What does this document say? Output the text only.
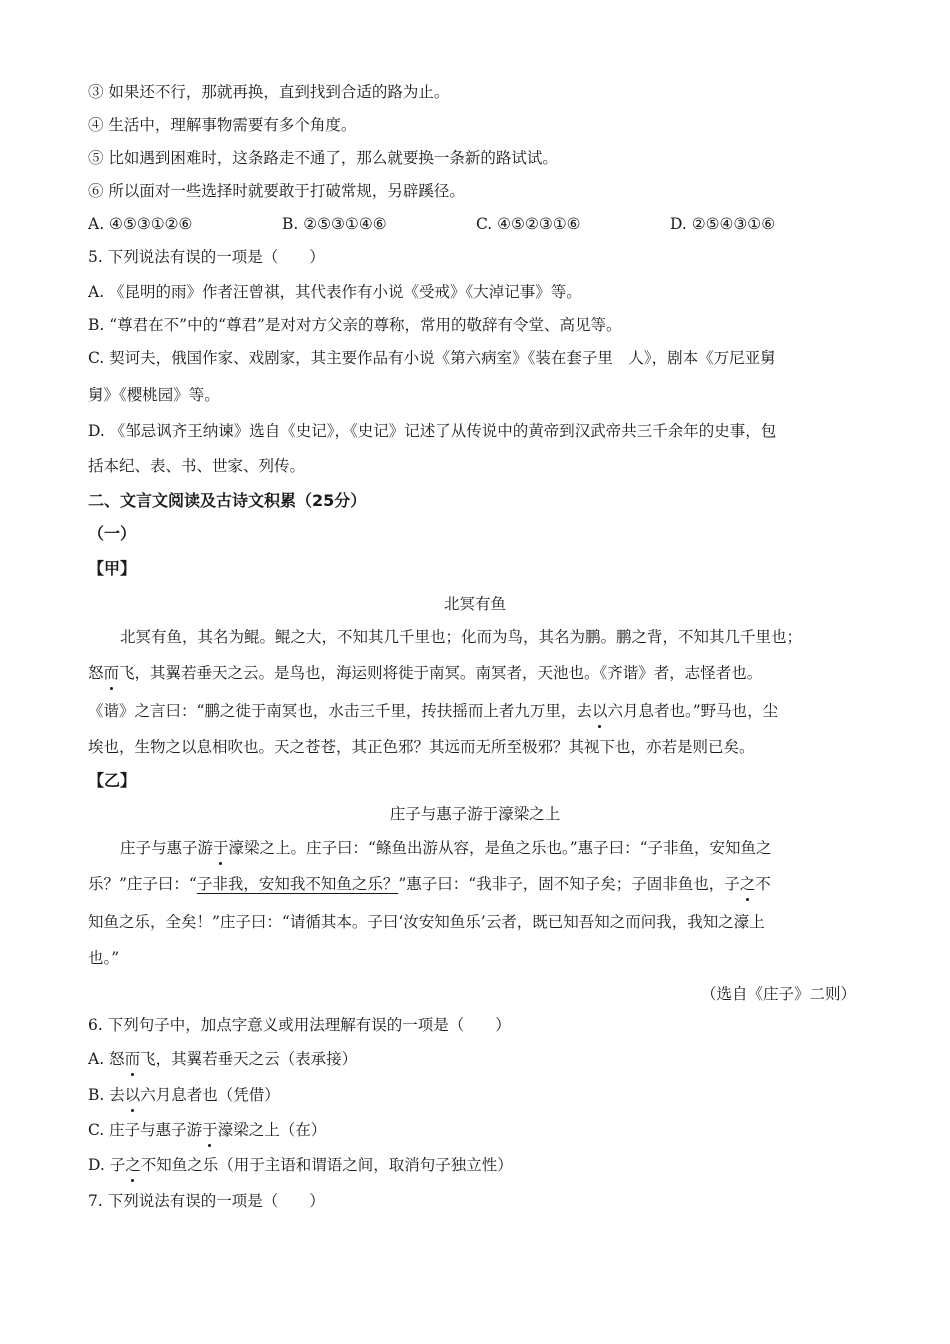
③ 如果还不行，那就再换，直到找到合适的路为止。
④ 生活中，理解事物需要有多个角度。
⑤ 比如遇到困难时，这条路走不通了，那么就要换一条新的路试试。
⑥ 所以面对一些选择时就要敢于打破常规，另辟蹊径。
A. ④⑤③①②⑥	B. ②⑤③①④⑥	C. ④⑤②③①⑥	D. ②⑤④③①⑥
5. 下列说法有误的一项是（　　）
A. 《昆明的雨》作者汪曾祺，其代表作有小说《受戒》《大淖记事》等。
B. “尊君在不”中的“尊君”是对对方父亲的尊称，常用的敬辞有令堂、高见等。
C. 契诃夫，俄国作家、戏剧家，其主要作品有小说《第六病室》《装在套子里　人》，剧本《万尼亚舅
舅》《樱桃园》等。
D. 《邹忌讽齐王纳谏》选自《史记》，《史记》记述了从传说中的黄帝到汉武帝共三千余年的史事，包
括本纪、表、书、世家、列传。
二、文言文阅读及古诗文积累（25分）
（一）
【甲】
北冥有鱼
北冥有鱼，其名为鲲。鲲之大，不知其几千里也；化而为鸟，其名为鹏。鹏之背，不知其几千里也；
怒而飞，其翼若垂天之云。是鸟也，海运则将徙于南冥。南冥者，天池也。《齐谐》者，志怪者也。
《谐》之言曰：“鹏之徙于南冥也，水击三千里，抟扶摇而上者九万里，去以六月息者也。”野马也，尘
埃也，生物之以息相吹也。天之苍苍，其正色邪？其远而无所至极邪？其视下也，亦若是则已矣。
【乙】
庄子与惠子游于濠梁之上
庄子与惠子游于濠梁之上。庄子曰：“鲦鱼出游从容，是鱼之乐也。”惠子曰：“子非鱼，安知鱼之
乐？”庄子曰：“子非我，安知我不知鱼之乐？”惠子曰：“我非子，固不知子矣；子固非鱼也，子之不
知鱼之乐，全矣！”庄子曰：“请循其本。子曰‘汝安知鱼乐’云者，既已知吾知之而问我，我知之濠上
也。”
（选自《庄子》二则）
6. 下列句子中，加点字意义或用法理解有误的一项是（　　）
A. 怒而飞，其翼若垂天之云（表承接）
B. 去以六月息者也（凭借）
C. 庄子与惠子游于濠梁之上（在）
D. 子之不知鱼之乐（用于主语和谓语之间，取消句子独立性）
7. 下列说法有误的一项是（　　）
